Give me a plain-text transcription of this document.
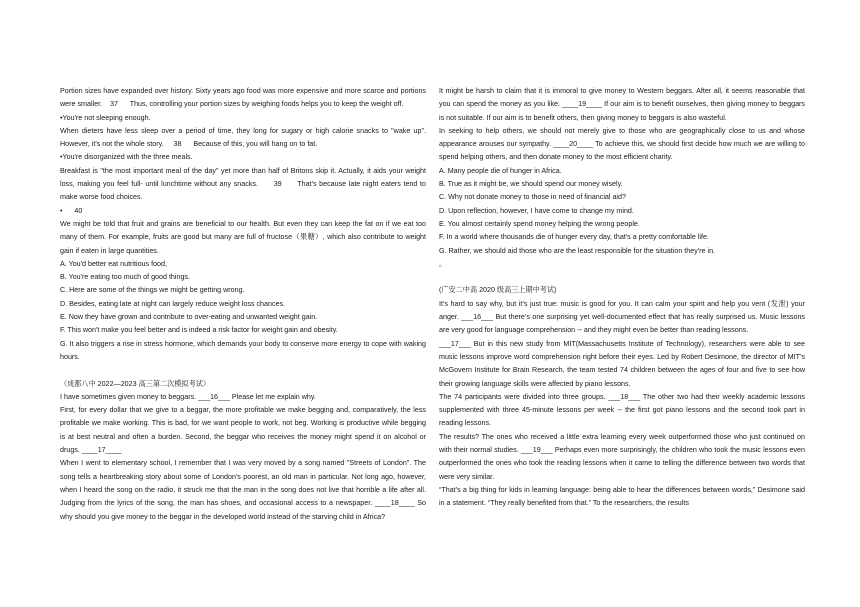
Portion sizes have expanded over history. Sixty years ago food was more expensive and more scarce and portions were smaller.    37      Thus, controlling your portion sizes by weighing foods helps you to keep the weight off.

•You're not sleeping enough.

When dieters have less sleep over a period of time, they long for sugary or high calorie snacks to "wake up". However, it's not the whole story.     38      Because of this, you will hang on to fat.

•You're disorganized with the three meals.

Breakfast is "the most important meal of the day" yet more than half of Britons skip it. Actually, it aids your weight loss, making you feel full- until lunchtime without any snacks.      39      That's because late night eaters tend to make worse food choices.

•      40

We might be told that fruit and grains are beneficial to our health. But even they can keep the fat on if we eat too many of them. For example, fruits are good but many are full of fructose（果糖）, which also contribute to weight gain if eaten in large quantities.

A. You'd better eat nutritious food,

B. You're eating too much of good things.

C. Here are some of the things we might be getting wrong.

D. Besides, eating late at night can largely reduce weight loss chances.

E. Now they have grown and contribute to over-eating and unwanted weight gain.

F. This won't make you feel better and is indeed a risk factor for weight gain and obesity.

G. It also triggers a rise in stress hormone, which demands your body to conserve more energy to cope with waking hours.

（成都八中 2022—2023 高三第二次模拟考试）

I have sometimes given money to beggars. ___16___ Please let me explain why.

First, for every dollar that we give to a beggar, the more profitable we make begging and, comparatively, the less profitable we make working. This is bad, for we want people to work, not beg. Working is productive while begging is at best neutral and often a burden. Second, the beggar who receives the money might spend it on alcohol or drugs. ____17____

When I went to elementary school, I remember that I was very moved by a song named "Streets of London". The song tells a heartbreaking story about some of London's poorest, an old man in particular. Not long ago, however, when I heard the song on the radio, it struck me that the man in the song does not live that horrible a life after all. Judging from the lyrics of the song, the man has shoes, and occasional access to a newspaper. ____18____ So why should you give money to the beggar in the developed world instead of the starving child in Africa?

It might be harsh to claim that it is immoral to give money to Western beggars. After all, it seems reasonable that you can spend the money as you like. ____19____ If our aim is to benefit ourselves, then giving money to beggars is not suitable. If our aim is to benefit others, then giving money to beggars is also wasteful.

In seeking to help others, we should not merely give to those who are geographically close to us and whose appearance arouses our sympathy. ____20____ To achieve this, we should first decide how much we are willing to spend helping others, and then donate money to the most efficient charity.

A. Many people die of hunger in Africa.

B. True as it might be, we should spend our money wisely.

C. Why not donate money to those in need of financial aid?

D. Upon reflection, however, I have come to change my mind.

E. You almost certainly spend money helping the wrong people.

F. In a world where thousands die of hunger every day, that's a pretty comfortable life.

G. Rather, we should aid those who are the least responsible for the situation they're in.

。

(广安二中高 2020 级高三上期中考试)

It’s hard to say why, but it’s just true: music is good for you. It can calm your spirit and help you vent (发泄) your anger. ___16___ But there’s one surprising yet well-documented effect that has really surprised us. Music lessons are very good for language comprehension -- and they might even be better than reading lessons.

___17___ But in this new study from MIT(Massachusetts Institute of Technology), researchers were able to see music lessons improve word comprehension right before their eyes. Led by Robert Desimone, the director of MIT’s McGovern Institute for Brain Research, the team tested 74 children between the ages of four and five to see how their growing language skills were affected by piano lessons.

The 74 participants were divided into three groups. ___18___ The other two had their weekly academic lessons supplemented with three 45-minute lessons per week -- the first got piano lessons and the second took part in reading lessons.

The results? The ones who received a little extra learning every week outperformed those who just continued on with their normal studies. ___19___ Perhaps even more surprisingly, the children who took the music lessons even outperformed the ones who took the reading lessons when it came to telling the difference between two words that were very similar.

“That’s a big thing for kids in learning language: being able to hear the differences between words,” Desimone said in a statement. “They really benefited from that.” To the researchers, the results
